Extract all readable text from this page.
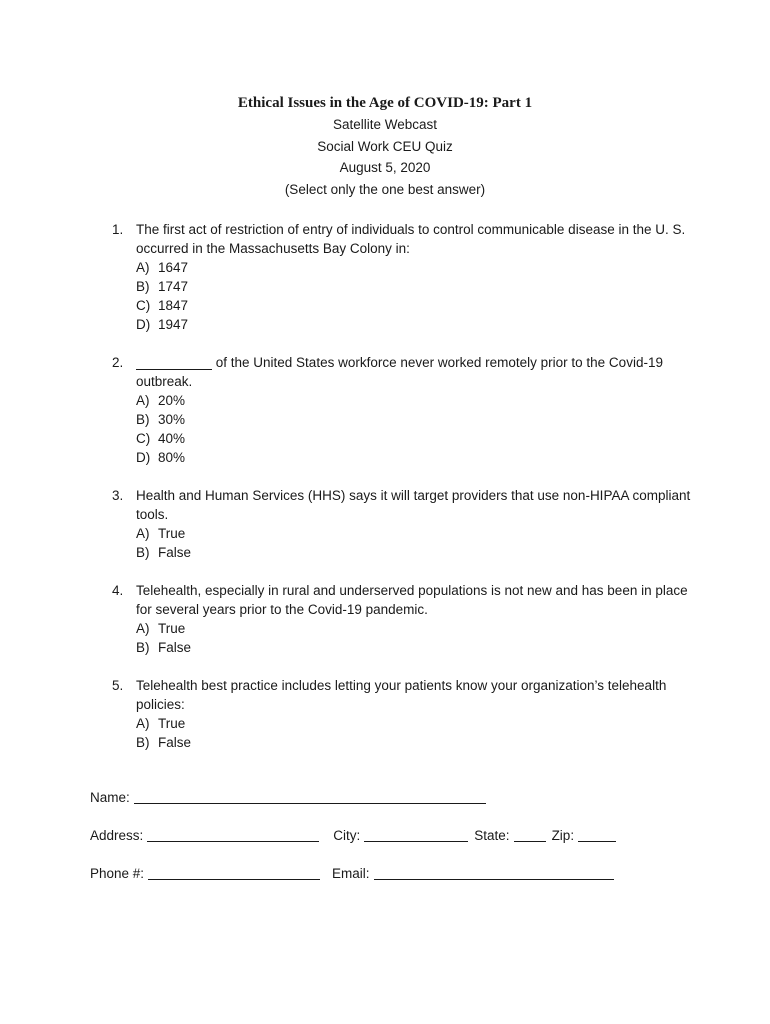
Ethical Issues in the Age of COVID-19: Part 1

Satellite Webcast

Social Work CEU Quiz

August 5, 2020

(Select only the one best answer)

1. The first act of restriction of entry of individuals to control communicable disease in the U. S. occurred in the Massachusetts Bay Colony in:
A) 1647
B) 1747
C) 1847
D) 1947
2.	of the United States workforce never worked remotely prior to the Covid-19 outbreak.
A) 20%
B) 30%
C) 40%
D) 80%
3. Health and Human Services (HHS) says it will target providers that use non-HIPAA compliant tools.
A) True
B) False
4. Telehealth, especially in rural and underserved populations is not new and has been in place for several years prior to the Covid-19 pandemic.
A) True
B) False
5. Telehealth best practice includes letting your patients know your organization’s telehealth policies:
A) True
B) False
Name:
Address:	City:	State:	Zip:
Phone #:	Email:
